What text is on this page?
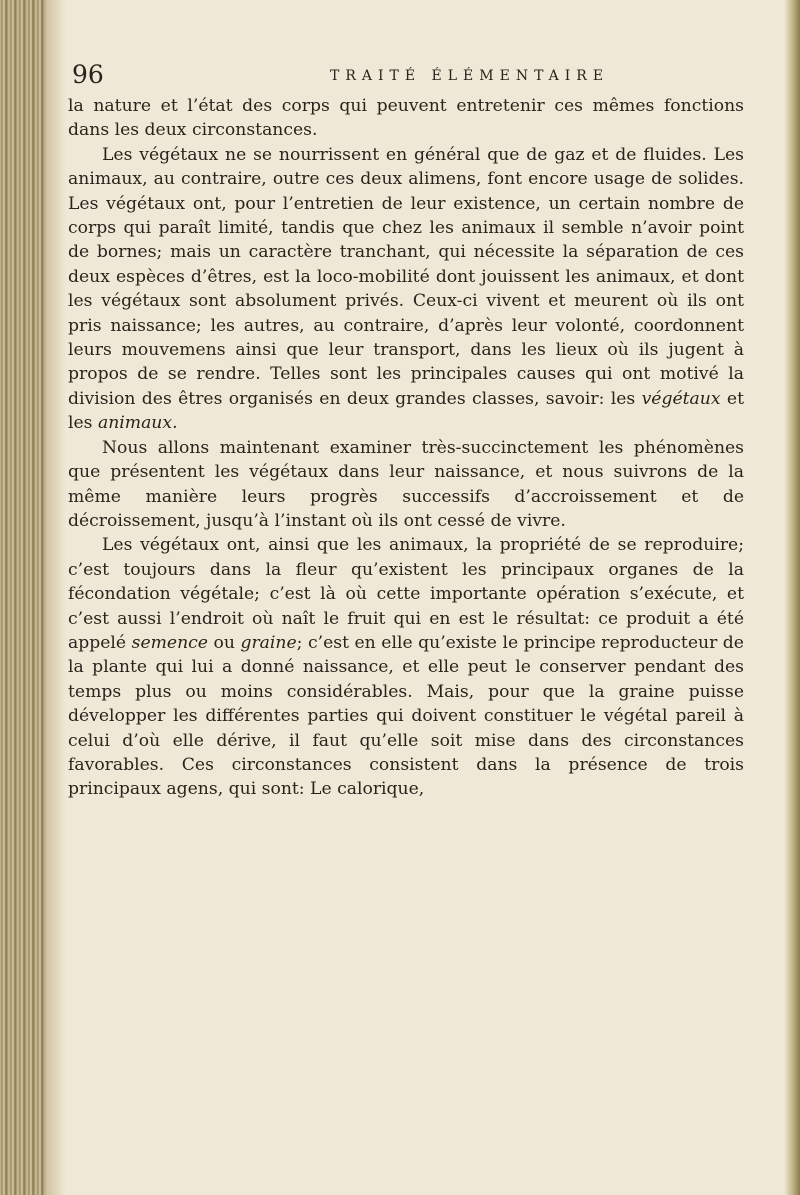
96	TRAITÉ ÉLÉMENTAIRE

la nature et l’état des corps qui peuvent entretenir ces mêmes fonctions dans les deux circonstances.

Les végétaux ne se nourrissent en général que de gaz et de fluides. Les animaux, au contraire, outre ces deux alimens, font encore usage de solides. Les végétaux ont, pour l’entretien de leur existence, un certain nombre de corps qui paraît limité, tandis que chez les animaux il semble n’avoir point de bornes; mais un caractère tranchant, qui nécessite la séparation de ces deux espèces d’êtres, est la loco-mobilité dont jouissent les animaux, et dont les végétaux sont absolument privés. Ceux-ci vivent et meurent où ils ont pris naissance; les autres, au contraire, d’après leur volonté, coordonnent leurs mouvemens ainsi que leur transport, dans les lieux où ils jugent à propos de se rendre. Telles sont les principales causes qui ont motivé la division des êtres organisés en deux grandes classes, savoir: les végétaux et les animaux.

Nous allons maintenant examiner très-succinctement les phénomènes que présentent les végétaux dans leur naissance, et nous suivrons de la même manière leurs progrès successifs d’accroissement et de décroissement, jusqu’à l’instant où ils ont cessé de vivre.

Les végétaux ont, ainsi que les animaux, la propriété de se reproduire; c’est toujours dans la fleur qu’existent les principaux organes de la fécondation végétale; c’est là où cette importante opération s’exécute, et c’est aussi l’endroit où naît le fruit qui en est le résultat: ce produit a été appelé semence ou graine; c’est en elle qu’existe le principe reproducteur de la plante qui lui a donné naissance, et elle peut le conserver pendant des temps plus ou moins considérables. Mais, pour que la graine puisse développer les différentes parties qui doivent constituer le végétal pareil à celui d’où elle dérive, il faut qu’elle soit mise dans des circonstances favorables. Ces circonstances consistent dans la présence de trois principaux agens, qui sont: Le calorique,
